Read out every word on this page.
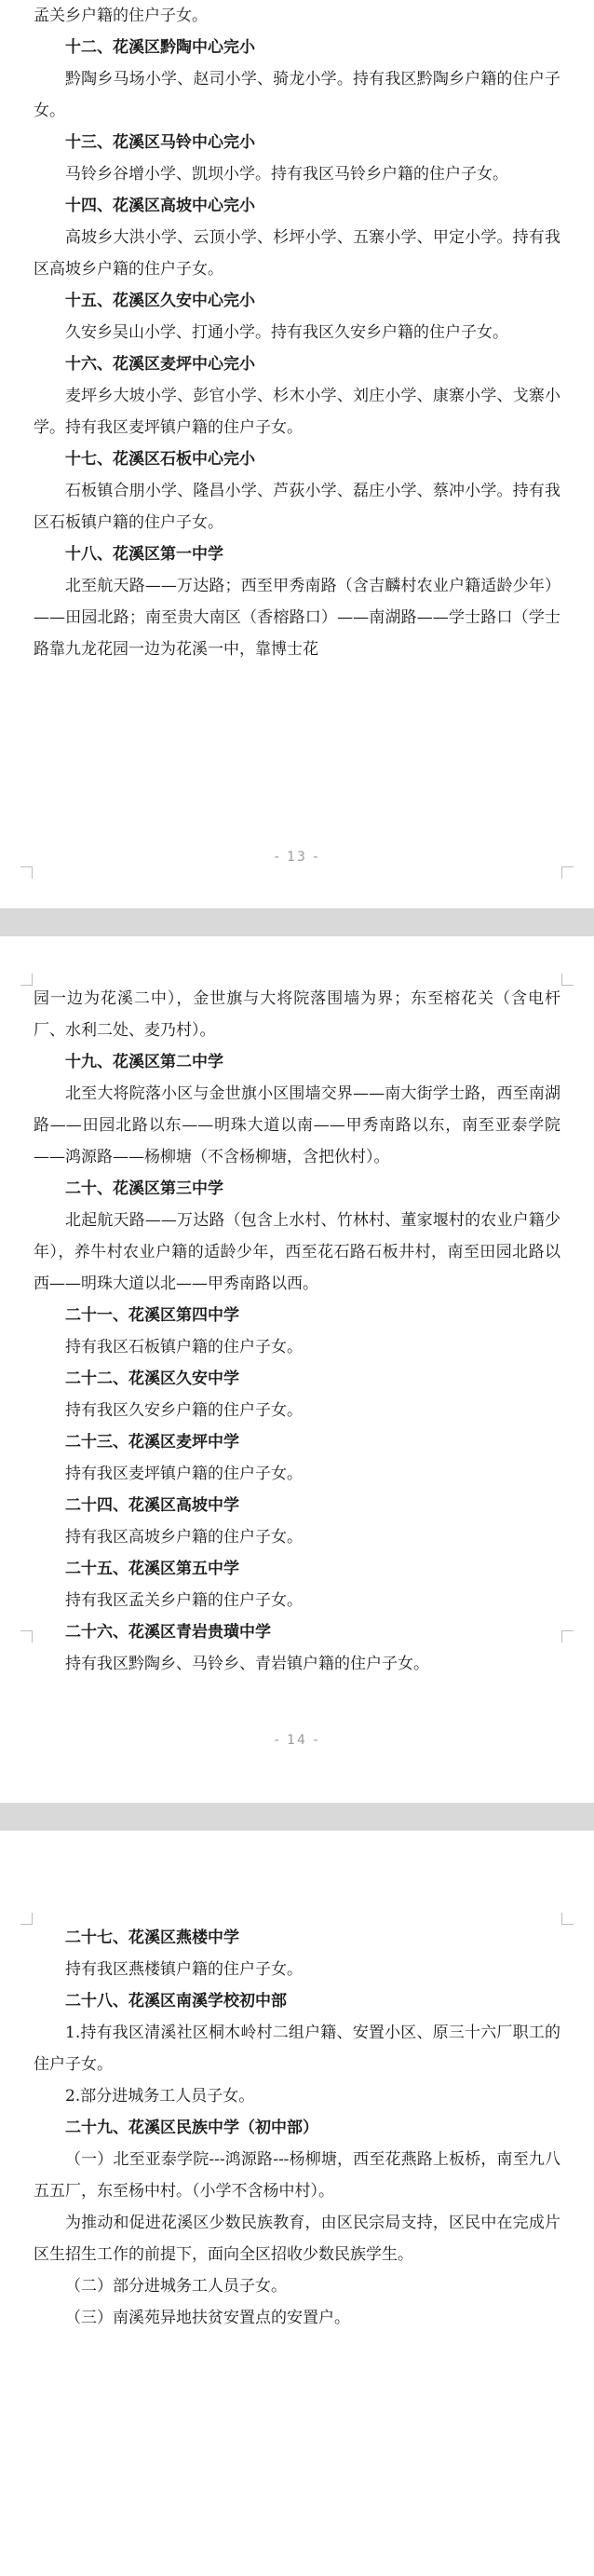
孟关乡户籍的住户子女。

十二、花溪区黔陶中心完小

黔陶乡马场小学、赵司小学、骑龙小学。持有我区黔陶乡户籍的住户子女。

十三、花溪区马铃中心完小

马铃乡谷增小学、凯坝小学。持有我区马铃乡户籍的住户子女。

十四、花溪区高坡中心完小

高坡乡大洪小学、云顶小学、杉坪小学、五寨小学、甲定小学。持有我区高坡乡户籍的住户子女。

十五、花溪区久安中心完小

久安乡吴山小学、打通小学。持有我区久安乡户籍的住户子女。

十六、花溪区麦坪中心完小

麦坪乡大坡小学、彭官小学、杉木小学、刘庄小学、康寨小学、戈寨小学。持有我区麦坪镇户籍的住户子女。

十七、花溪区石板中心完小

石板镇合朋小学、隆昌小学、芦荻小学、磊庄小学、蔡冲小学。持有我区石板镇户籍的住户子女。

十八、花溪区第一中学

北至航天路——万达路；西至甲秀南路（含吉麟村农业户籍适龄少年）——田园北路；南至贵大南区（香榕路口）——南湖路——学士路口（学士路靠九龙花园一边为花溪一中，靠博士花

- 13 -

园一边为花溪二中），金世旗与大将院落围墙为界；东至榕花关（含电杆厂、水利二处、麦乃村）。

十九、花溪区第二中学

北至大将院落小区与金世旗小区围墙交界——南大街学士路，西至南湖路——田园北路以东——明珠大道以南——甲秀南路以东，南至亚泰学院——鸿源路——杨柳塘（不含杨柳塘，含把伙村）。

二十、花溪区第三中学

北起航天路——万达路（包含上水村、竹林村、董家堰村的农业户籍少年），养牛村农业户籍的适龄少年，西至花石路石板井村，南至田园北路以西——明珠大道以北——甲秀南路以西。

二十一、花溪区第四中学

持有我区石板镇户籍的住户子女。

二十二、花溪区久安中学

持有我区久安乡户籍的住户子女。

二十三、花溪区麦坪中学

持有我区麦坪镇户籍的住户子女。

二十四、花溪区高坡中学

持有我区高坡乡户籍的住户子女。

二十五、花溪区第五中学

持有我区孟关乡户籍的住户子女。

二十六、花溪区青岩贵璜中学

持有我区黔陶乡、马铃乡、青岩镇户籍的住户子女。

- 14 -
二十七、花溪区燕楼中学

持有我区燕楼镇户籍的住户子女。

二十八、花溪区南溪学校初中部

1.持有我区清溪社区桐木岭村二组户籍、安置小区、原三十六厂职工的住户子女。

2.部分进城务工人员子女。

二十九、花溪区民族中学（初中部）

（一）北至亚泰学院---鸿源路---杨柳塘，西至花燕路上板桥，南至九八五五厂，东至杨中村。（小学不含杨中村）。

为推动和促进花溪区少数民族教育，由区民宗局支持，区民中在完成片区生招生工作的前提下，面向全区招收少数民族学生。

（二）部分进城务工人员子女。

（三）南溪苑异地扶贫安置点的安置户。
